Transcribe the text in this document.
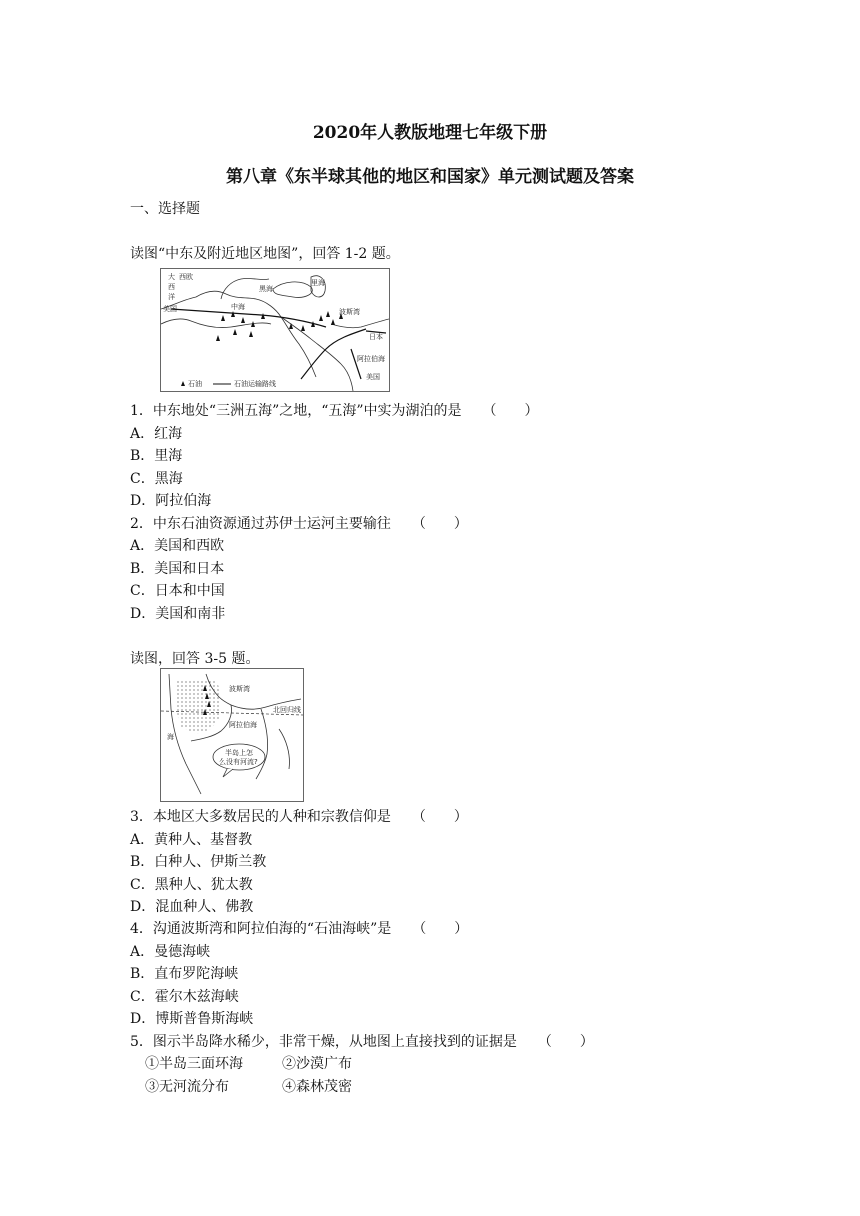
2020年人教版地理七年级下册
第八章《东半球其他的地区和国家》单元测试题及答案
一、选择题
读图“中东及附近地区地图”，回答 1-2 题。
大
西
洋
西欧
美国
黑海
里海
中海
波斯湾
日本
阿拉伯海
美国
石油	石油运输路线
1．中东地处“三洲五海”之地，“五海”中实为湖泊的是　　（　　）
A．红海
B．里海
C．黑海
D．阿拉伯海
2．中东石油资源通过苏伊士运河主要输往　　（　　）
A．美国和西欧
B．美国和日本
C．日本和中国
D．美国和南非
读图，回答 3-5 题。
波斯湾
阿拉伯海
北回归线
海
半岛上怎
么没有河流?
3．本地区大多数居民的人种和宗教信仰是　　（　　）
A．黄种人、基督教
B．白种人、伊斯兰教
C．黑种人、犹太教
D．混血种人、佛教
4．沟通波斯湾和阿拉伯海的“石油海峡”是　　（　　）
A．曼德海峡
B．直布罗陀海峡
C．霍尔木兹海峡
D．博斯普鲁斯海峡
5．图示半岛降水稀少，非常干燥，从地图上直接找到的证据是　　（　　）
①半岛三面环海	②沙漠广布
③无河流分布	④森林茂密
